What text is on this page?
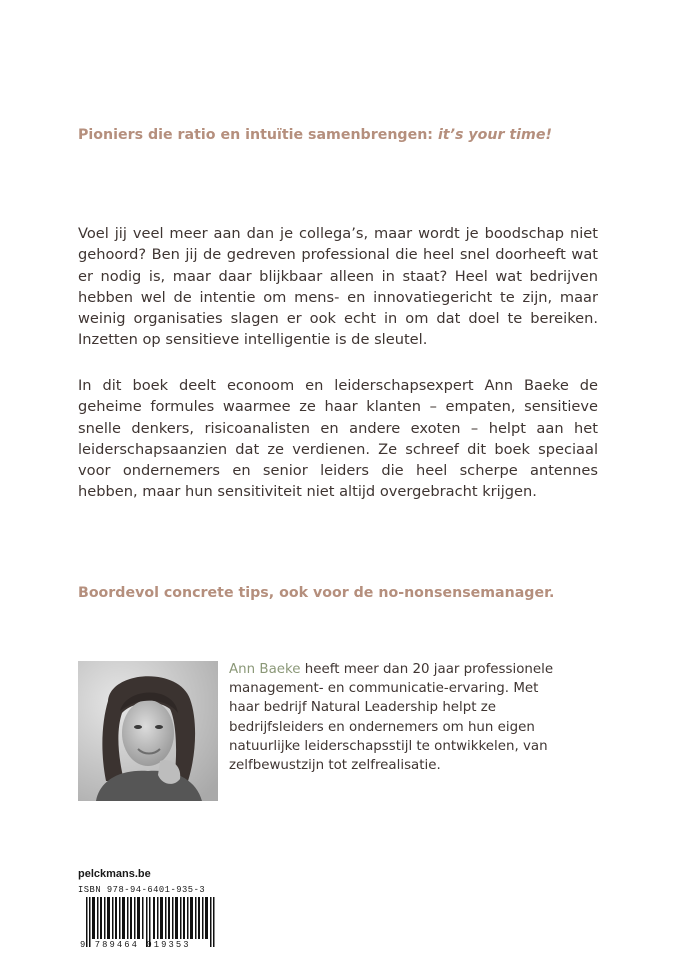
Pioniers die ratio en intuïtie samenbrengen: it’s your time!
Voel jij veel meer aan dan je collega’s, maar wordt je boodschap niet gehoord? Ben jij de gedreven professional die heel snel doorheeft wat er nodig is, maar daar blijkbaar alleen in staat? Heel wat bedrijven hebben wel de intentie om mens- en innovatiegericht te zijn, maar weinig organisaties slagen er ook echt in om dat doel te bereiken. Inzetten op sensitieve intelligentie is de sleutel.
In dit boek deelt econoom en leiderschapsexpert Ann Baeke de geheime formules waarmee ze haar klanten – empaten, sensitieve snelle denkers, risicoanalisten en andere exoten – helpt aan het leiderschapsaanzien dat ze verdienen. Ze schreef dit boek speciaal voor ondernemers en senior leiders die heel scherpe antennes hebben, maar hun sensitiviteit niet altijd overgebracht krijgen.
Boordevol concrete tips, ook voor de no-nonsensemanager.
Ann Baeke heeft meer dan 20 jaar professionele management- en communicatie-ervaring. Met haar bedrijf Natural Leadership helpt ze bedrijfsleiders en ondernemers om hun eigen natuurlijke leiderschapsstijl te ontwikkelen, van zelfbewustzijn tot zelfrealisatie.
pelckmans.be
ISBN 978-94-6401-935-3
9 789464 019353
